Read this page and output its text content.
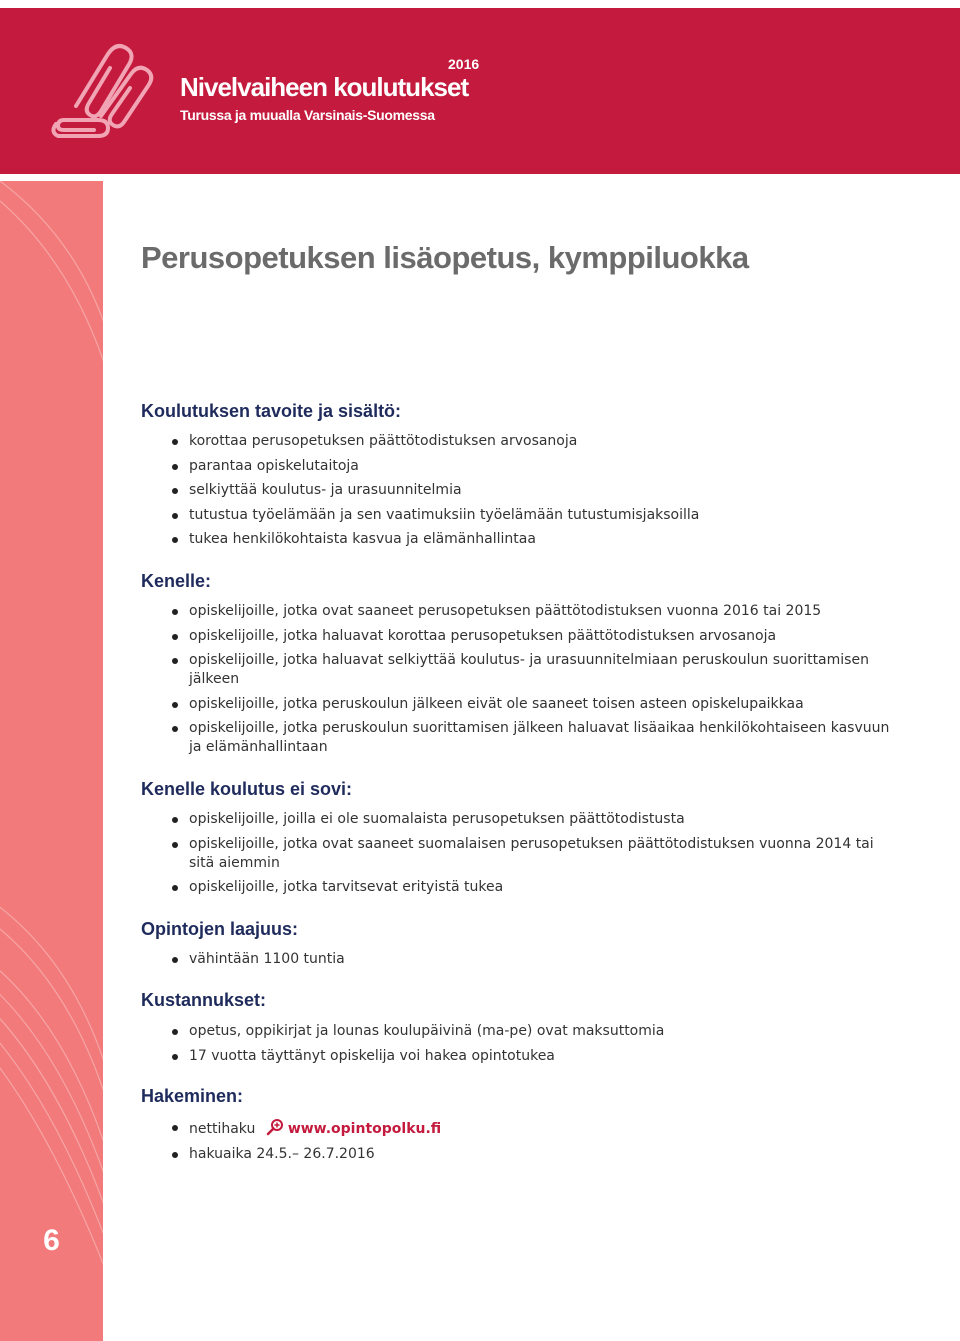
2016
Nivelvaiheen koulutukset
Turussa ja muualla Varsinais-Suomessa
6
Perusopetuksen lisäopetus, kymppiluokka
Koulutuksen tavoite ja sisältö:
korottaa perusopetuksen päättötodistuksen arvosanoja
parantaa opiskelutaitoja
selkiyttää koulutus- ja urasuunnitelmia
tutustua työelämään ja sen vaatimuksiin työelämään tutustumisjaksoilla
tukea henkilökohtaista kasvua ja elämänhallintaa
Kenelle:
opiskelijoille, jotka ovat saaneet perusopetuksen päättötodistuksen vuonna 2016 tai 2015
opiskelijoille, jotka haluavat korottaa perusopetuksen päättötodistuksen arvosanoja
opiskelijoille, jotka haluavat selkiyttää koulutus- ja urasuunnitelmiaan peruskoulun suorittamisen jälkeen
opiskelijoille, jotka peruskoulun jälkeen eivät ole saaneet toisen asteen opiskelupaikkaa
opiskelijoille, jotka peruskoulun suorittamisen jälkeen haluavat lisäaikaa henkilökohtaiseen kasvuun ja elämänhallintaan
Kenelle koulutus ei sovi:
opiskelijoille, joilla ei ole suomalaista perusopetuksen päättötodistusta
opiskelijoille, jotka ovat saaneet suomalaisen perusopetuksen päättötodistuksen vuonna 2014 tai sitä aiemmin
opiskelijoille, jotka tarvitsevat erityistä tukea
Opintojen laajuus:
vähintään 1100 tuntia
Kustannukset:
opetus, oppikirjat ja lounas koulupäivinä (ma-pe) ovat maksuttomia
17 vuotta täyttänyt opiskelija voi hakea opintotukea
Hakeminen:
nettihaku www.opintopolku.fi
hakuaika 24.5.– 26.7.2016
